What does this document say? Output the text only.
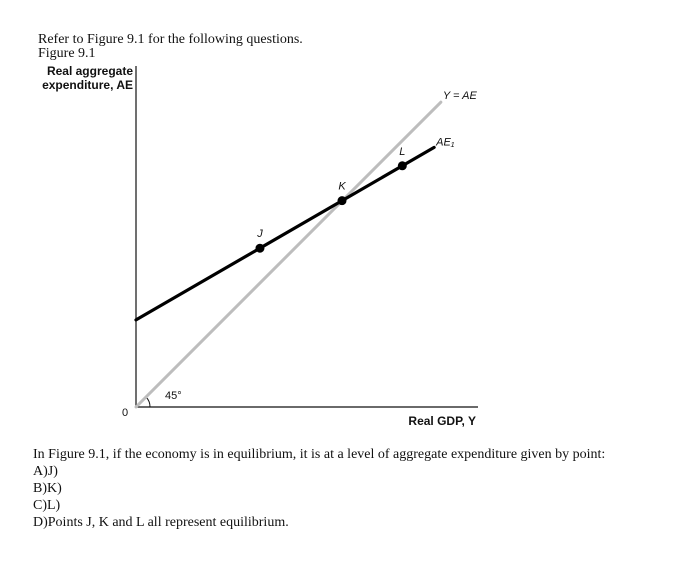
Refer to Figure 9.1 for the following questions.
Figure 9.1
Real aggregate
expenditure, AE
Real GDP, Y
0
45°
Y = AE
AE₁
J
K
L
In Figure 9.1, if the economy is in equilibrium, it is at a level of aggregate expenditure given by point:
A)J)
B)K)
C)L)
D)Points J, K and L all represent equilibrium.
